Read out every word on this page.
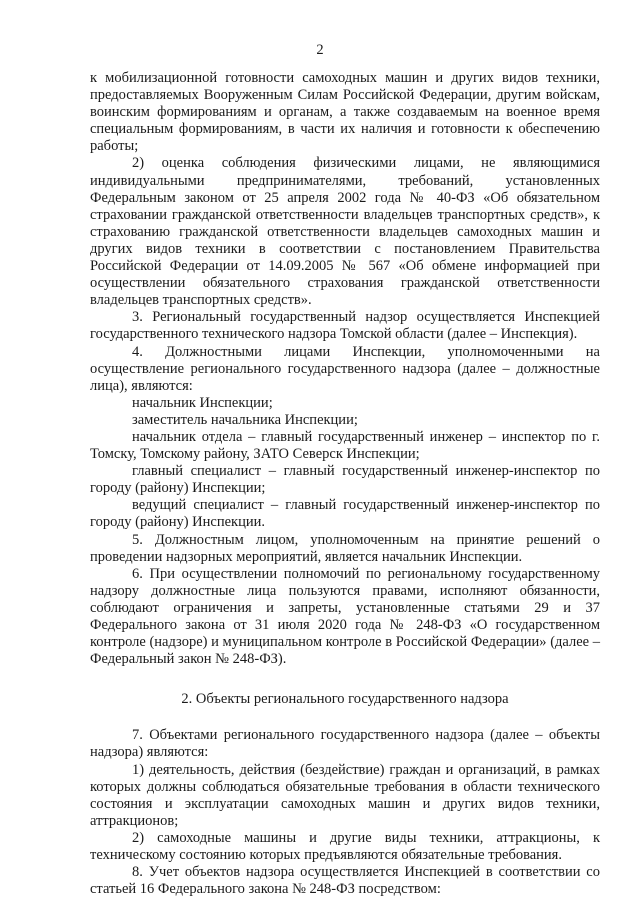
2

к мобилизационной готовности самоходных машин и других видов техники, предоставляемых Вооруженным Силам Российской Федерации, другим войскам, воинским формированиям и органам, а также создаваемым на военное время специальным формированиям, в части их наличия и готовности к обеспечению работы;

2) оценка соблюдения физическими лицами, не являющимися индивидуальными предпринимателями, требований, установленных Федеральным законом от 25 апреля 2002 года № 40-ФЗ «Об обязательном страховании гражданской ответственности владельцев транспортных средств», к страхованию гражданской ответственности владельцев самоходных машин и других видов техники в соответствии с постановлением Правительства Российской Федерации от 14.09.2005 № 567 «Об обмене информацией при осуществлении обязательного страхования гражданской ответственности владельцев транспортных средств».

3. Региональный государственный надзор осуществляется Инспекцией государственного технического надзора Томской области (далее – Инспекция).

4. Должностными лицами Инспекции, уполномоченными на осуществление регионального государственного надзора (далее – должностные лица), являются:

начальник Инспекции;

заместитель начальника Инспекции;

начальник отдела – главный государственный инженер – инспектор по г. Томску, Томскому району, ЗАТО Северск Инспекции;

главный специалист – главный государственный инженер-инспектор по городу (району) Инспекции;

ведущий специалист – главный государственный инженер-инспектор по городу (району) Инспекции.

5. Должностным лицом, уполномоченным на принятие решений о проведении надзорных мероприятий, является начальник Инспекции.

6. При осуществлении полномочий по региональному государственному надзору должностные лица пользуются правами, исполняют обязанности, соблюдают ограничения и запреты, установленные статьями 29 и 37 Федерального закона от 31 июля 2020 года № 248-ФЗ «О государственном контроле (надзоре) и муниципальном контроле в Российской Федерации» (далее – Федеральный закон № 248-ФЗ).

2. Объекты регионального государственного надзора

7. Объектами регионального государственного надзора (далее – объекты надзора) являются:

1) деятельность, действия (бездействие) граждан и организаций, в рамках которых должны соблюдаться обязательные требования в области технического состояния и эксплуатации самоходных машин и других видов техники, аттракционов;

2) самоходные машины и другие виды техники, аттракционы, к техническому состоянию которых предъявляются обязательные требования.

8. Учет объектов надзора осуществляется Инспекцией в соответствии со статьей 16 Федерального закона № 248-ФЗ посредством:
